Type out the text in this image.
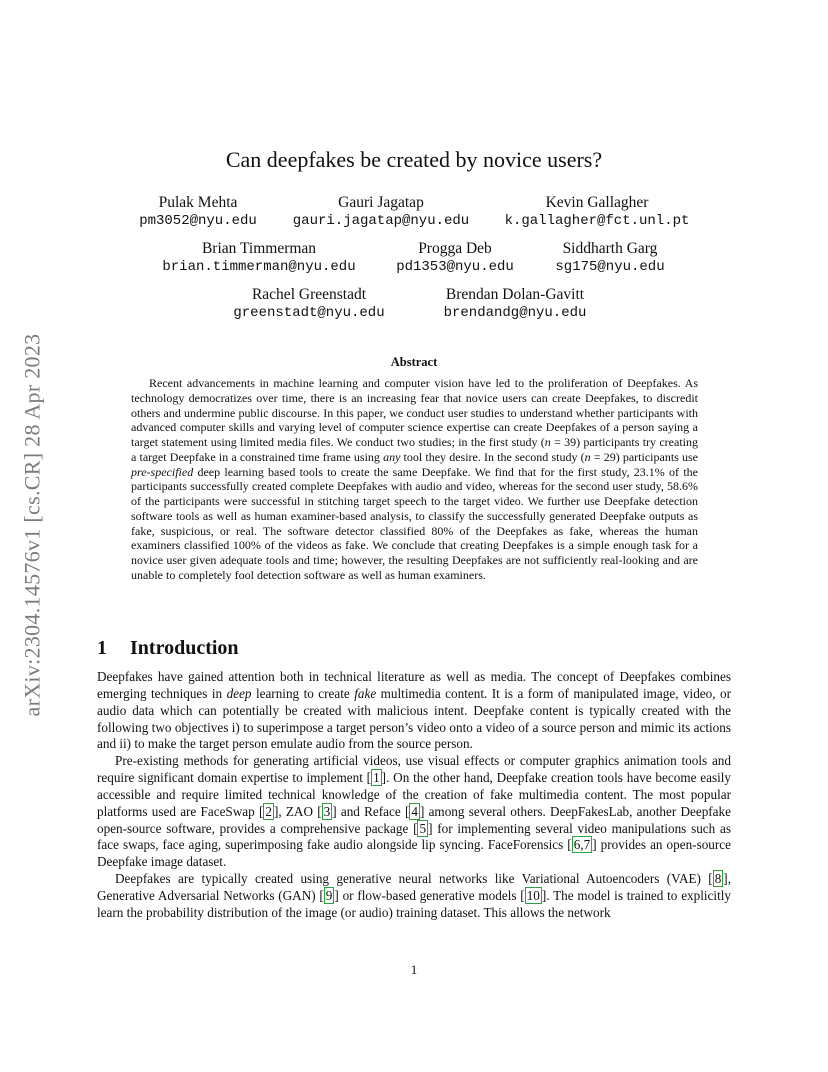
arXiv:2304.14576v1 [cs.CR] 28 Apr 2023
Can deepfakes be created by novice users?
Pulak Mehta
pm3052@nyu.edu
Gauri Jagatap
gauri.jagatap@nyu.edu
Kevin Gallagher
k.gallagher@fct.unl.pt
Brian Timmerman
brian.timmerman@nyu.edu
Progga Deb
pd1353@nyu.edu
Siddharth Garg
sg175@nyu.edu
Rachel Greenstadt
greenstadt@nyu.edu
Brendan Dolan-Gavitt
brendandg@nyu.edu
Abstract

Recent advancements in machine learning and computer vision have led to the proliferation of Deepfakes. As technology democratizes over time, there is an increasing fear that novice users can create Deepfakes, to discredit others and undermine public discourse. In this paper, we conduct user studies to understand whether participants with advanced computer skills and varying level of computer science expertise can create Deepfakes of a person saying a target statement using limited media files. We conduct two studies; in the first study (n = 39) participants try creating a target Deepfake in a constrained time frame using any tool they desire. In the second study (n = 29) participants use pre-specified deep learning based tools to create the same Deepfake. We find that for the first study, 23.1% of the participants successfully created complete Deepfakes with audio and video, whereas for the second user study, 58.6% of the participants were successful in stitching target speech to the target video. We further use Deepfake detection software tools as well as human examiner-based analysis, to classify the successfully generated Deepfake outputs as fake, suspicious, or real. The software detector classified 80% of the Deepfakes as fake, whereas the human examiners classified 100% of the videos as fake. We conclude that creating Deepfakes is a simple enough task for a novice user given adequate tools and time; however, the resulting Deepfakes are not sufficiently real-looking and are unable to completely fool detection software as well as human examiners.

1 Introduction

Deepfakes have gained attention both in technical literature as well as media. The concept of Deepfakes combines emerging techniques in deep learning to create fake multimedia content. It is a form of manipulated image, video, or audio data which can potentially be created with malicious intent. Deepfake content is typically created with the following two objectives i) to superimpose a target person’s video onto a video of a source person and mimic its actions and ii) to make the target person emulate audio from the source person.

Pre-existing methods for generating artificial videos, use visual effects or computer graphics animation tools and require significant domain expertise to implement [ 1 ]. On the other hand, Deepfake creation tools have become easily accessible and require limited technical knowledge of the creation of fake multimedia content. The most popular platforms used are FaceSwap [ 2 ], ZAO [ 3 ] and Reface [ 4 ] among several others. DeepFakesLab, another Deepfake open-source software, provides a comprehensive package [ 5 ] for implementing several video manipulations such as face swaps, face aging, superimposing fake audio alongside lip syncing. FaceForensics [ 6,7 ] provides an open-source Deepfake image dataset.

Deepfakes are typically created using generative neural networks like Variational Autoencoders (VAE) [ 8 ], Generative Adversarial Networks (GAN) [ 9 ] or flow-based generative models [ 10 ]. The model is trained to explicitly learn the probability distribution of the image (or audio) training dataset. This allows the network

1
